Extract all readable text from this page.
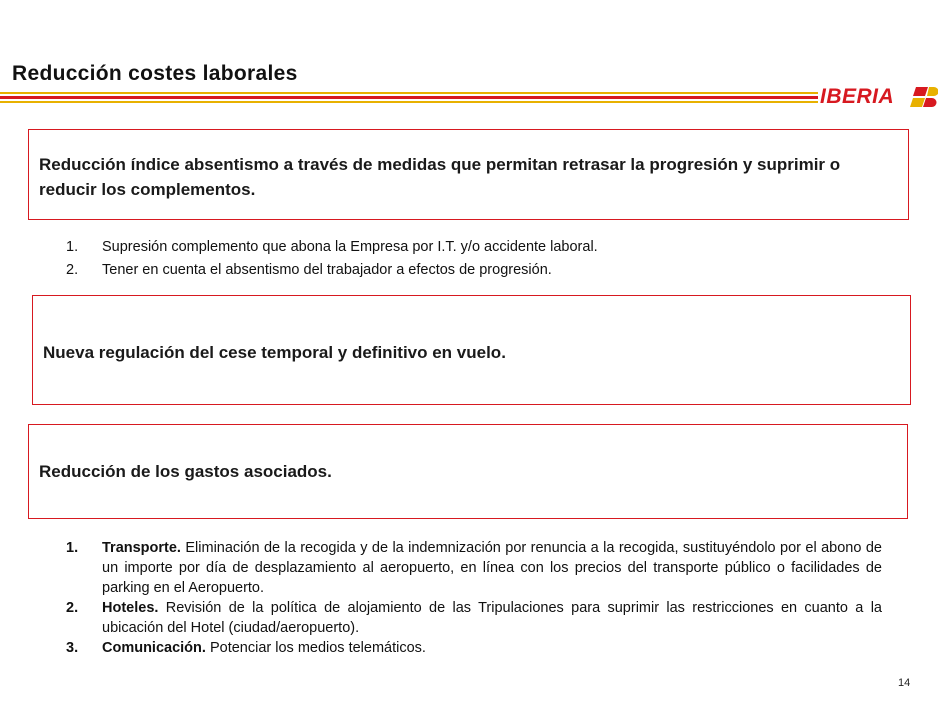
Reducción costes laborales
IBERIA
Reducción índice absentismo a través de medidas que permitan retrasar la progresión y suprimir o reducir los complementos.
1. Supresión complemento que abona la Empresa por I.T. y/o accidente laboral.
2. Tener en cuenta el absentismo del trabajador a efectos de progresión.
Nueva regulación del cese temporal y definitivo en vuelo.
Reducción de los gastos asociados.
1. Transporte. Eliminación de la recogida y de la indemnización por renuncia a la recogida, sustituyéndolo por el abono de un importe por día de desplazamiento al aeropuerto, en línea con los precios del transporte público o facilidades de parking en el Aeropuerto.
2. Hoteles. Revisión de la política de alojamiento de las Tripulaciones para suprimir las restricciones en cuanto a la ubicación del Hotel (ciudad/aeropuerto).
3. Comunicación. Potenciar los medios telemáticos.
14
